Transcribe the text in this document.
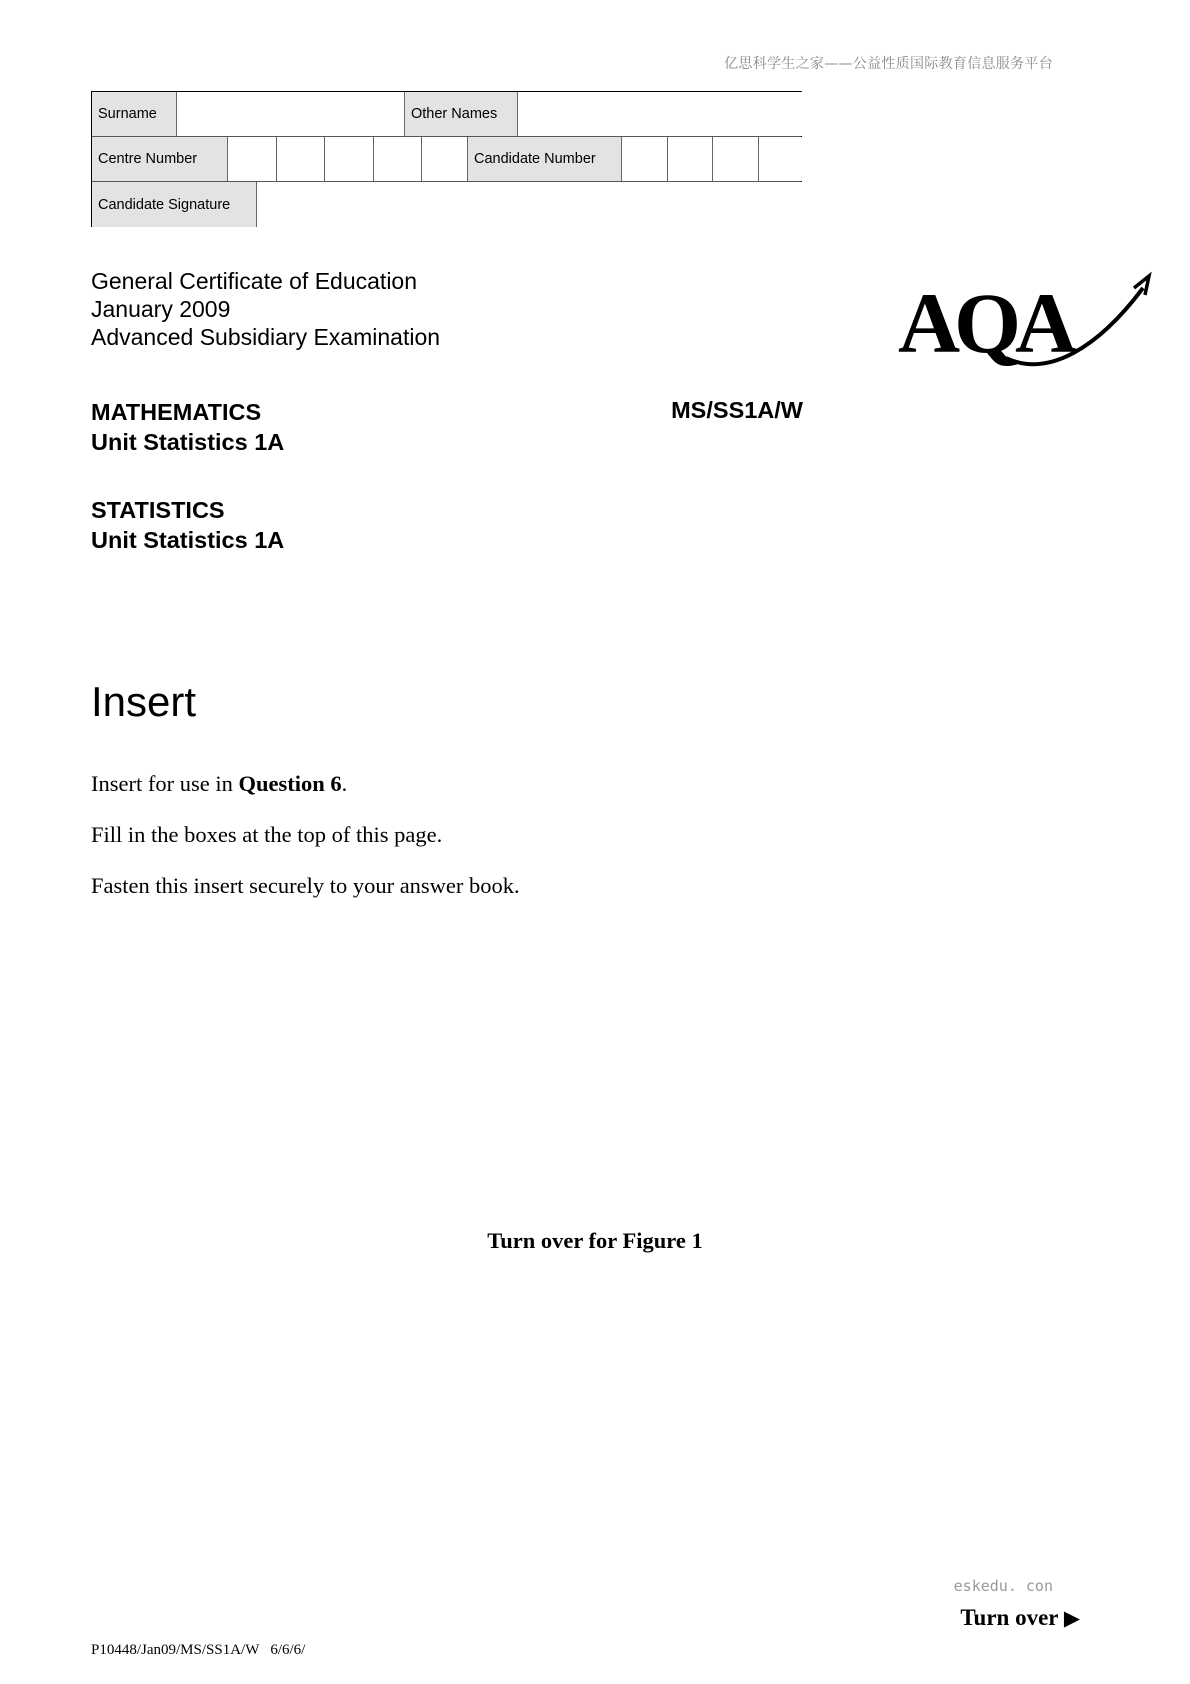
亿思科学生之家——公益性质国际教育信息服务平台
Surname	Other Names
Centre Number	Candidate Number
Candidate Signature
General Certificate of Education
January 2009
Advanced Subsidiary Examination	AQA
MATHEMATICS
Unit Statistics 1A
MS/SS1A/W
STATISTICS
Unit Statistics 1A
Insert
Insert for use in Question 6.
Fill in the boxes at the top of this page.
Fasten this insert securely to your answer book.
Turn over for Figure 1
eskedu. con
Turn over ▶
P10448/Jan09/MS/SS1A/W   6/6/6/
